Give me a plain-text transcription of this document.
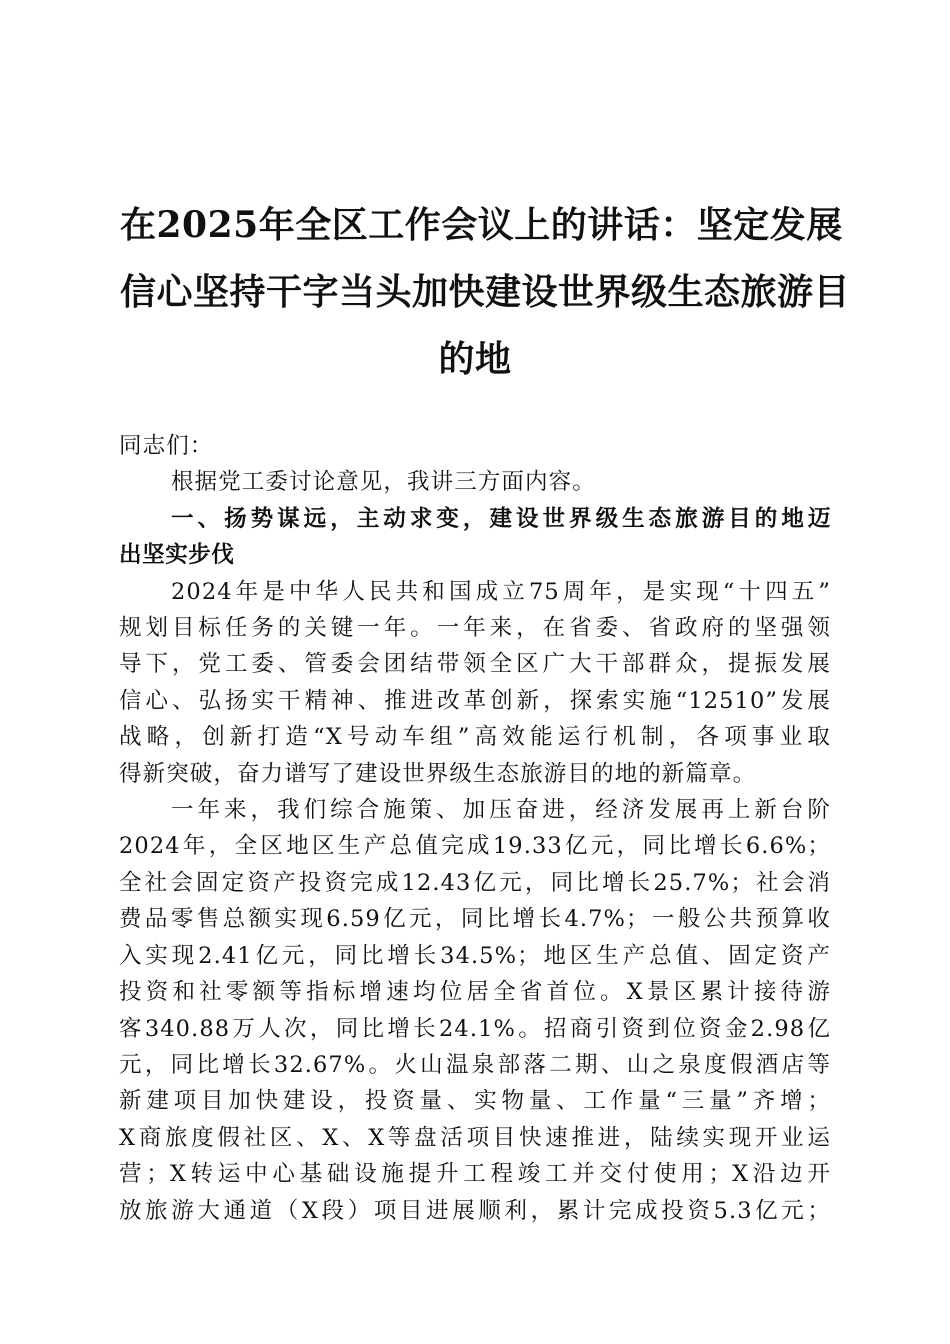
在2025年全区工作会议上的讲话：坚定发展
信心坚持干字当头加快建设世界级生态旅游目
的地

同志们：

根据党工委讨论意见，我讲三方面内容。

一、扬势谋远，主动求变，建设世界级生态旅游目的地迈
出坚实步伐

2024年是中华人民共和国成立75周年，是实现“十四五”
规划目标任务的关键一年。一年来，在省委、省政府的坚强领
导下，党工委、管委会团结带领全区广大干部群众，提振发展
信心、弘扬实干精神、推进改革创新，探索实施“12510”发展
战略，创新打造“X号动车组”高效能运行机制，各项事业取
得新突破，奋力谱写了建设世界级生态旅游目的地的新篇章。

一年来，我们综合施策、加压奋进，经济发展再上新台阶
2024年，全区地区生产总值完成19.33亿元，同比增长6.6%；
全社会固定资产投资完成12.43亿元，同比增长25.7%；社会消
费品零售总额实现6.59亿元，同比增长4.7%；一般公共预算收
入实现2.41亿元，同比增长34.5%；地区生产总值、固定资产
投资和社零额等指标增速均位居全省首位。X景区累计接待游
客340.88万人次，同比增长24.1%。招商引资到位资金2.98亿
元，同比增长32.67%。火山温泉部落二期、山之泉度假酒店等
新建项目加快建设，投资量、实物量、工作量“三量”齐增；
X商旅度假社区、X、X等盘活项目快速推进，陆续实现开业运
营；X转运中心基础设施提升工程竣工并交付使用；X沿边开
放旅游大通道（X段）项目进展顺利，累计完成投资5.3亿元；
